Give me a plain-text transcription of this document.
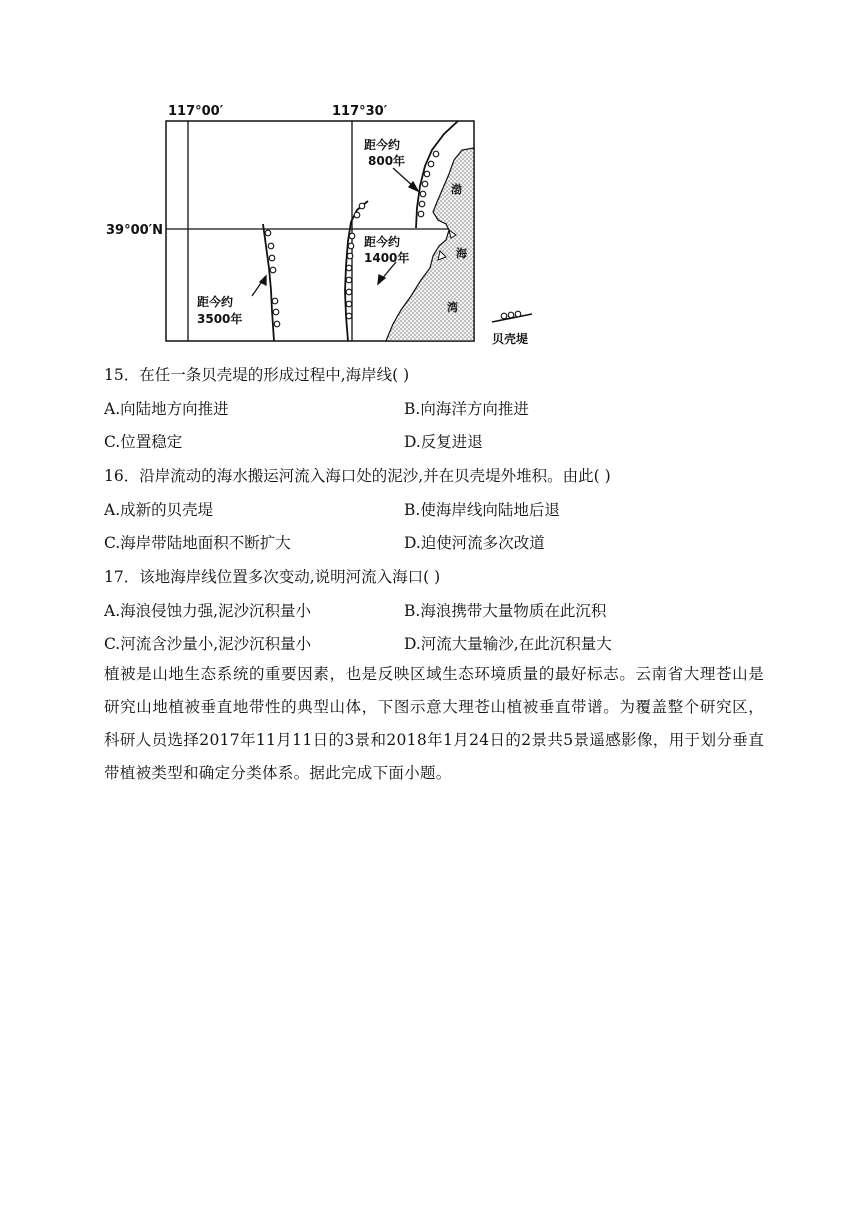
117°00′	117°30′
39°00′N
距今约
800年
距今约
1400年
距今约
3500年
渤
海
湾
贝壳堤
15．在任一条贝壳堤的形成过程中,海岸线( )
A.向陆地方向推进	B.向海洋方向推进
C.位置稳定	D.反复进退
16．沿岸流动的海水搬运河流入海口处的泥沙,并在贝壳堤外堆积。由此( )
A.成新的贝壳堤	B.使海岸线向陆地后退
C.海岸带陆地面积不断扩大	D.迫使河流多次改道
17．该地海岸线位置多次变动,说明河流入海口( )
A.海浪侵蚀力强,泥沙沉积量小	B.海浪携带大量物质在此沉积
C.河流含沙量小,泥沙沉积量小	D.河流大量输沙,在此沉积量大
植被是山地生态系统的重要因素，也是反映区域生态环境质量的最好标志。云南省大理苍山是研究山地植被垂直地带性的典型山体，下图示意大理苍山植被垂直带谱。为覆盖整个研究区，科研人员选择2017年11月11日的3景和2018年1月24日的2景共5景遥感影像，用于划分垂直带植被类型和确定分类体系。据此完成下面小题。
